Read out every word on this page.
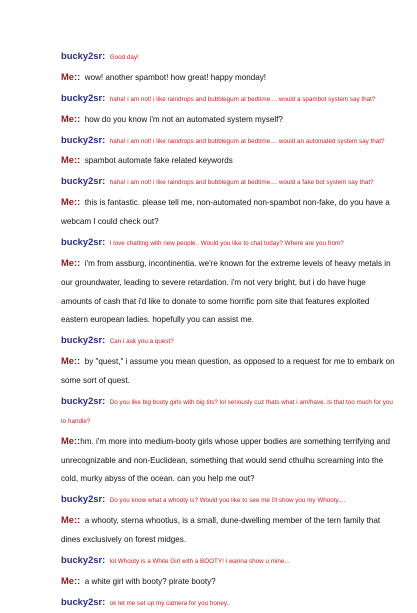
bucky2sr: Good day!

Me:: wow! another spambot! how great! happy monday!

bucky2sr: haha! i am not! i like raindrops and bubblegum at bedtime.... would a spambot system say that?

Me:: how do you know i'm not an automated system myself?

bucky2sr: haha! i am not! i like raindrops and bubblegum at bedtime.... would an automated system say that?

Me:: spambot automate fake related keywords

bucky2sr: haha! i am not! i like raindrops and bubblegum at bedtime.... would a fake bot system say that?

Me:: this is fantastic. please tell me, non-automated non-spambot non-fake, do you have a webcam I could check out?

bucky2sr: I love chatting with new people.. Would you like to chat today? Where are you from?

Me:: i'm from assburg, incontinentia. we're known for the extreme levels of heavy metals in our groundwater, leading to severe retardation. i'm not very bright, but i do have huge amounts of cash that i'd like to donate to some horrific porn site that features exploited eastern european ladies. hopefully you can assist me.

bucky2sr: Can i ask you a quest?

Me:: by "quest," i assume you mean question, as opposed to a request for me to embark on some sort of quest.

bucky2sr: Do you like big booty girls with big tits? lol seriously cuz thats what i am/have..Is that too much for you to handle?

Me::hm. i'm more into medium-booty girls whose upper bodies are something terrifying and unrecognizable and non-Euclidean, something that would send cthulhu screaming into the cold, murky abyss of the ocean. can you help me out?

bucky2sr: Do you know what a whooty is? Would you like to see me i'll show you my Whooty....

Me:: a whooty, sterna whootius, is a small, dune-dwelling member of the tern family that dines exclusively on forest midges.

bucky2sr: lol Whooty is a White Girl with a BOOTY! i wanna show u mine...

Me:: a white girl with booty? pirate booty?

bucky2sr: ok let me set up my camera for you honey..
